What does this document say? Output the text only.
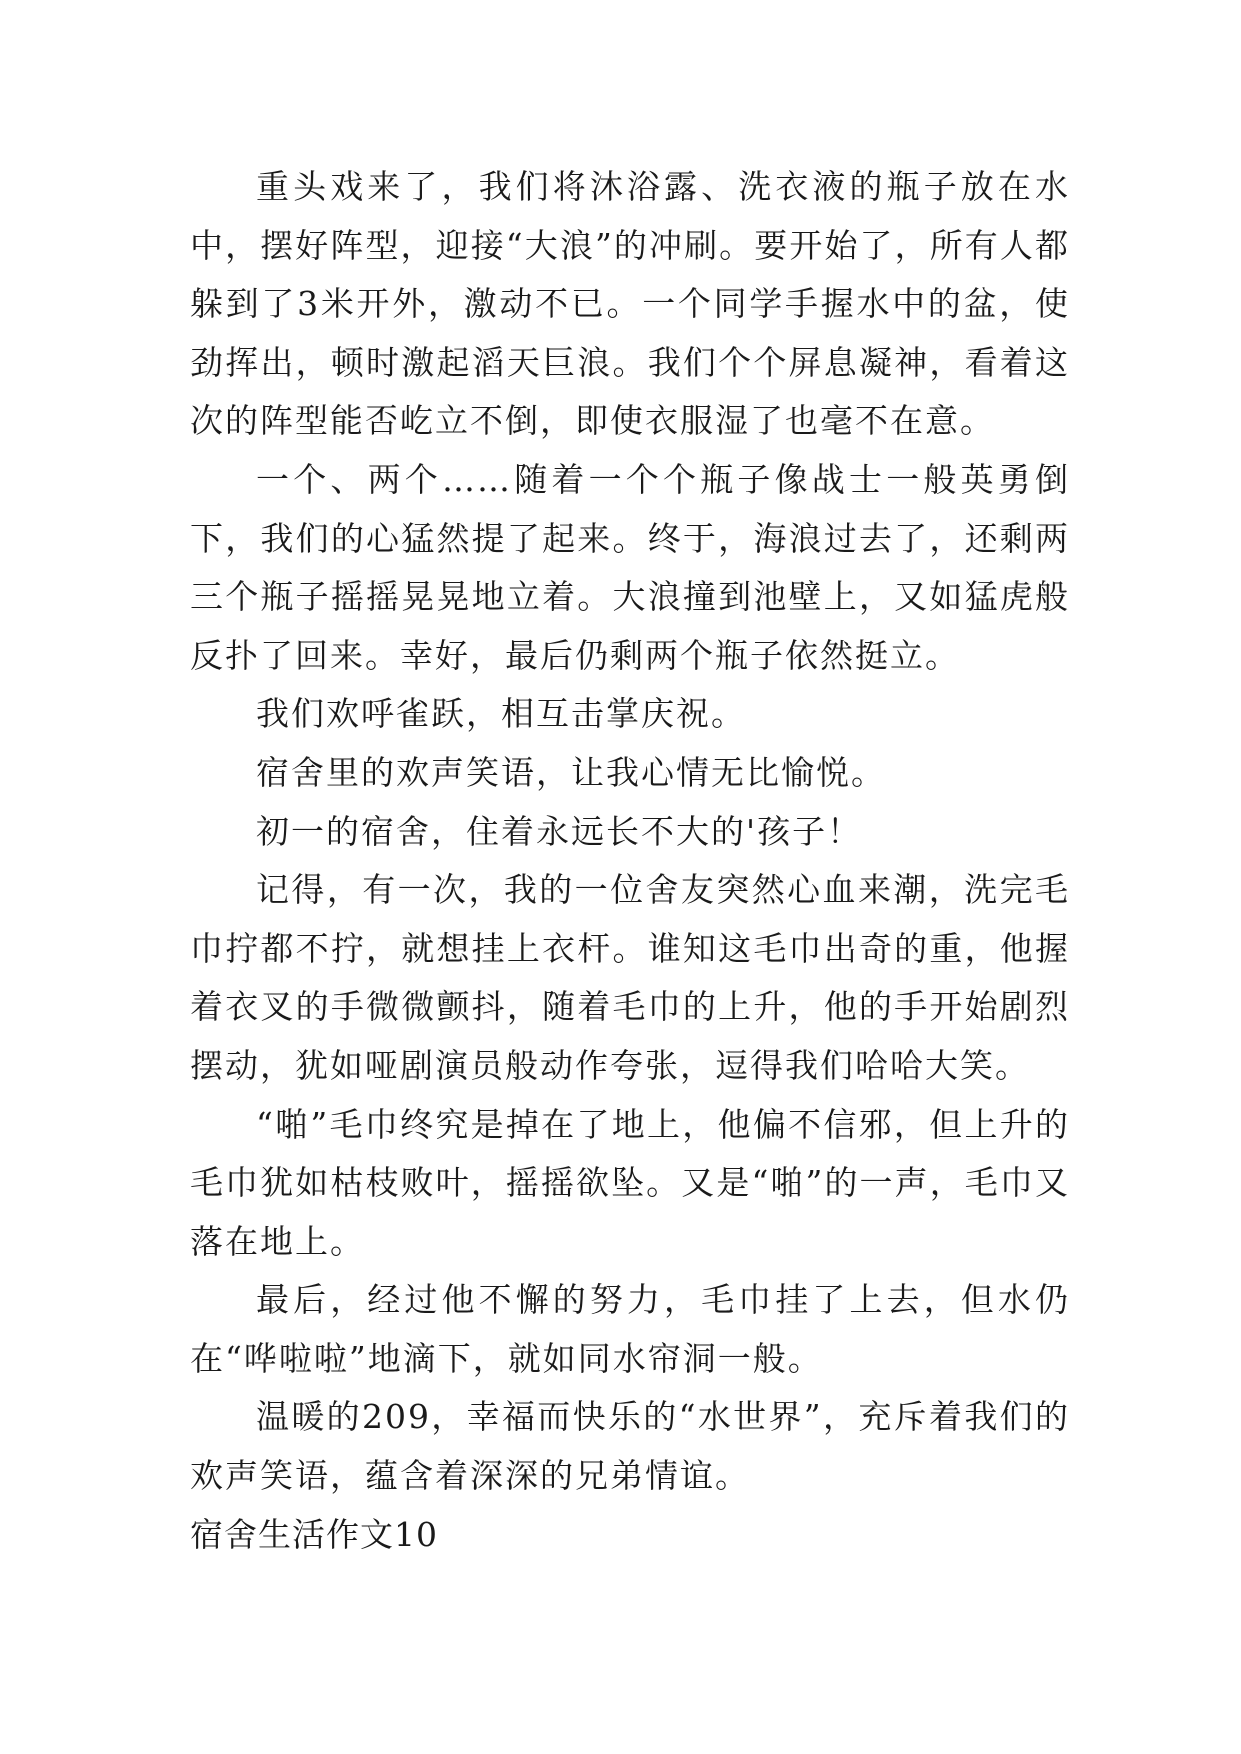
重头戏来了，我们将沐浴露、洗衣液的瓶子放在水中，摆好阵型，迎接“大浪”的冲刷。要开始了，所有人都躲到了3米开外，激动不已。一个同学手握水中的盆，使劲挥出，顿时激起滔天巨浪。我们个个屏息凝神，看着这次的阵型能否屹立不倒，即使衣服湿了也毫不在意。

一个、两个……随着一个个瓶子像战士一般英勇倒下，我们的心猛然提了起来。终于，海浪过去了，还剩两三个瓶子摇摇晃晃地立着。大浪撞到池壁上，又如猛虎般反扑了回来。幸好，最后仍剩两个瓶子依然挺立。

我们欢呼雀跃，相互击掌庆祝。

宿舍里的欢声笑语，让我心情无比愉悦。

初一的宿舍，住着永远长不大的'孩子！

记得，有一次，我的一位舍友突然心血来潮，洗完毛巾拧都不拧，就想挂上衣杆。谁知这毛巾出奇的重，他握着衣叉的手微微颤抖，随着毛巾的上升，他的手开始剧烈摆动，犹如哑剧演员般动作夸张，逗得我们哈哈大笑。

“啪”毛巾终究是掉在了地上，他偏不信邪，但上升的毛巾犹如枯枝败叶，摇摇欲坠。又是“啪”的一声，毛巾又落在地上。

最后，经过他不懈的努力，毛巾挂了上去，但水仍在“哗啦啦”地滴下，就如同水帘洞一般。

温暖的209，幸福而快乐的“水世界”，充斥着我们的欢声笑语，蕴含着深深的兄弟情谊。

宿舍生活作文10
